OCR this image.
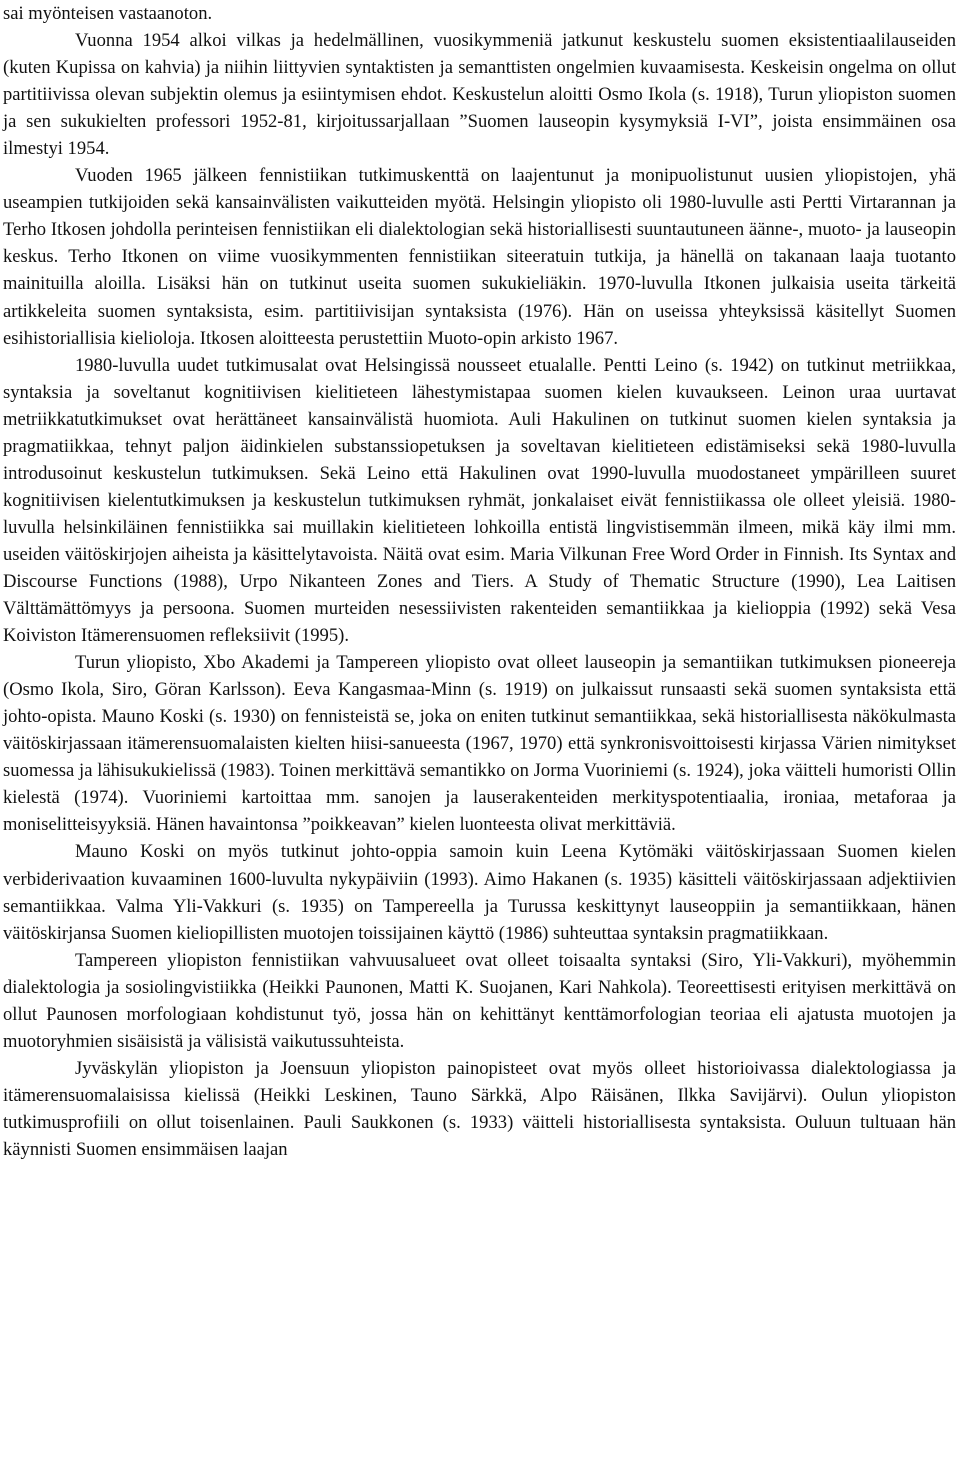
sai myönteisen vastaanoton.

Vuonna 1954 alkoi vilkas ja hedelmällinen, vuosikymmeniä jatkunut keskustelu suomen eksistentiaalilauseiden (kuten Kupissa on kahvia) ja niihin liittyvien syntaktisten ja semanttisten ongelmien kuvaamisesta. Keskeisin ongelma on ollut partitiivissa olevan subjektin olemus ja esiintymisen ehdot. Keskustelun aloitti Osmo Ikola (s. 1918), Turun yliopiston suomen ja sen sukukielten professori 1952-81, kirjoitussarjallaan ”Suomen lauseopin kysymyksiä I-VI”, joista ensimmäinen osa ilmestyi 1954.

Vuoden 1965 jälkeen fennistiikan tutkimuskenttä on laajentunut ja monipuolistunut uusien yliopistojen, yhä useampien tutkijoiden sekä kansainvälisten vaikutteiden myötä. Helsingin yliopisto oli 1980-luvulle asti Pertti Virtarannan ja Terho Itkosen johdolla perinteisen fennistiikan eli dialektologian sekä historiallisesti suuntautuneen äänne-, muoto- ja lauseopin keskus. Terho Itkonen on viime vuosikymmenten fennistiikan siteeratuin tutkija, ja hänellä on takanaan laaja tuotanto mainituilla aloilla. Lisäksi hän on tutkinut useita suomen sukukieliäkin. 1970-luvulla Itkonen julkaisia useita tärkeitä artikkeleita suomen syntaksista, esim. partitiivisijan syntaksista (1976). Hän on useissa yhteyksissä käsitellyt Suomen esihistoriallisia kielioloja. Itkosen aloitteesta perustettiin Muoto-opin arkisto 1967.

1980-luvulla uudet tutkimusalat ovat Helsingissä nousseet etualalle. Pentti Leino (s. 1942) on tutkinut metriikkaa, syntaksia ja soveltanut kognitiivisen kielitieteen lähestymistapaa suomen kielen kuvaukseen. Leinon uraa uurtavat metriikkatutkimukset ovat herättäneet kansainvälistä huomiota. Auli Hakulinen on tutkinut suomen kielen syntaksia ja pragmatiikkaa, tehnyt paljon äidinkielen substanssiopetuksen ja soveltavan kielitieteen edistämiseksi sekä 1980-luvulla introdusoinut keskustelun tutkimuksen. Sekä Leino että Hakulinen ovat 1990-luvulla muodostaneet ympärilleen suuret kognitiivisen kielentutkimuksen ja keskustelun tutkimuksen ryhmät, jonkalaiset eivät fennistiikassa ole olleet yleisiä. 1980-luvulla helsinkiläinen fennistiikka sai muillakin kielitieteen lohkoilla entistä lingvistisemmän ilmeen, mikä käy ilmi mm. useiden väitöskirjojen aiheista ja käsittelytavoista. Näitä ovat esim. Maria Vilkunan Free Word Order in Finnish. Its Syntax and Discourse Functions (1988), Urpo Nikanteen Zones and Tiers. A Study of Thematic Structure (1990), Lea Laitisen Välttämättömyys ja persoona. Suomen murteiden nesessiivisten rakenteiden semantiikkaa ja kielioppia (1992) sekä Vesa Koiviston Itämerensuomen refleksiivit (1995).

Turun yliopisto, Xbo Akademi ja Tampereen yliopisto ovat olleet lauseopin ja semantiikan tutkimuksen pioneereja (Osmo Ikola, Siro, Göran Karlsson). Eeva Kangasmaa-Minn (s. 1919) on julkaissut runsaasti sekä suomen syntaksista että johto-opista. Mauno Koski (s. 1930) on fennisteistä se, joka on eniten tutkinut semantiikkaa, sekä historiallisesta näkökulmasta väitöskirjassaan itämerensuomalaisten kielten hiisi-sanueesta (1967, 1970) että synkronisvoittoisesti kirjassa Värien nimitykset suomessa ja lähisukukielissä (1983). Toinen merkittävä semantikko on Jorma Vuoriniemi (s. 1924), joka väitteli humoristi Ollin kielestä (1974). Vuoriniemi kartoittaa mm. sanojen ja lauserakenteiden merkityspotentiaalia, ironiaa, metaforaa ja moniselitteisyyksiä. Hänen havaintonsa ”poikkeavan” kielen luonteesta olivat merkittäviä.

Mauno Koski on myös tutkinut johto-oppia samoin kuin Leena Kytömäki väitöskirjassaan Suomen kielen verbiderivaation kuvaaminen 1600-luvulta nykypäiviin (1993). Aimo Hakanen (s. 1935) käsitteli väitöskirjassaan adjektiivien semantiikkaa. Valma Yli-Vakkuri (s. 1935) on Tampereella ja Turussa keskittynyt lauseoppiin ja semantiikkaan, hänen väitöskirjansa Suomen kieliopillisten muotojen toissijainen käyttö (1986) suhteuttaa syntaksin pragmatiikkaan.

Tampereen yliopiston fennistiikan vahvuusalueet ovat olleet toisaalta syntaksi (Siro, Yli-Vakkuri), myöhemmin dialektologia ja sosiolingvistiikka (Heikki Paunonen, Matti K. Suojanen, Kari Nahkola). Teoreettisesti erityisen merkittävä on ollut Paunosen morfologiaan kohdistunut työ, jossa hän on kehittänyt kenttämorfologian teoriaa eli ajatusta muotojen ja muotoryhmien sisäisistä ja välisistä vaikutussuhteista.

Jyväskylän yliopiston ja Joensuun yliopiston painopisteet ovat myös olleet historioivassa dialektologiassa ja itämerensuomalaisissa kielissä (Heikki Leskinen, Tauno Särkkä, Alpo Räisänen, Ilkka Savijärvi). Oulun yliopiston tutkimusprofiili on ollut toisenlainen. Pauli Saukkonen (s. 1933) väitteli historiallisesta syntaksista. Ouluun tultuaan hän käynnisti Suomen ensimmäisen laajan
